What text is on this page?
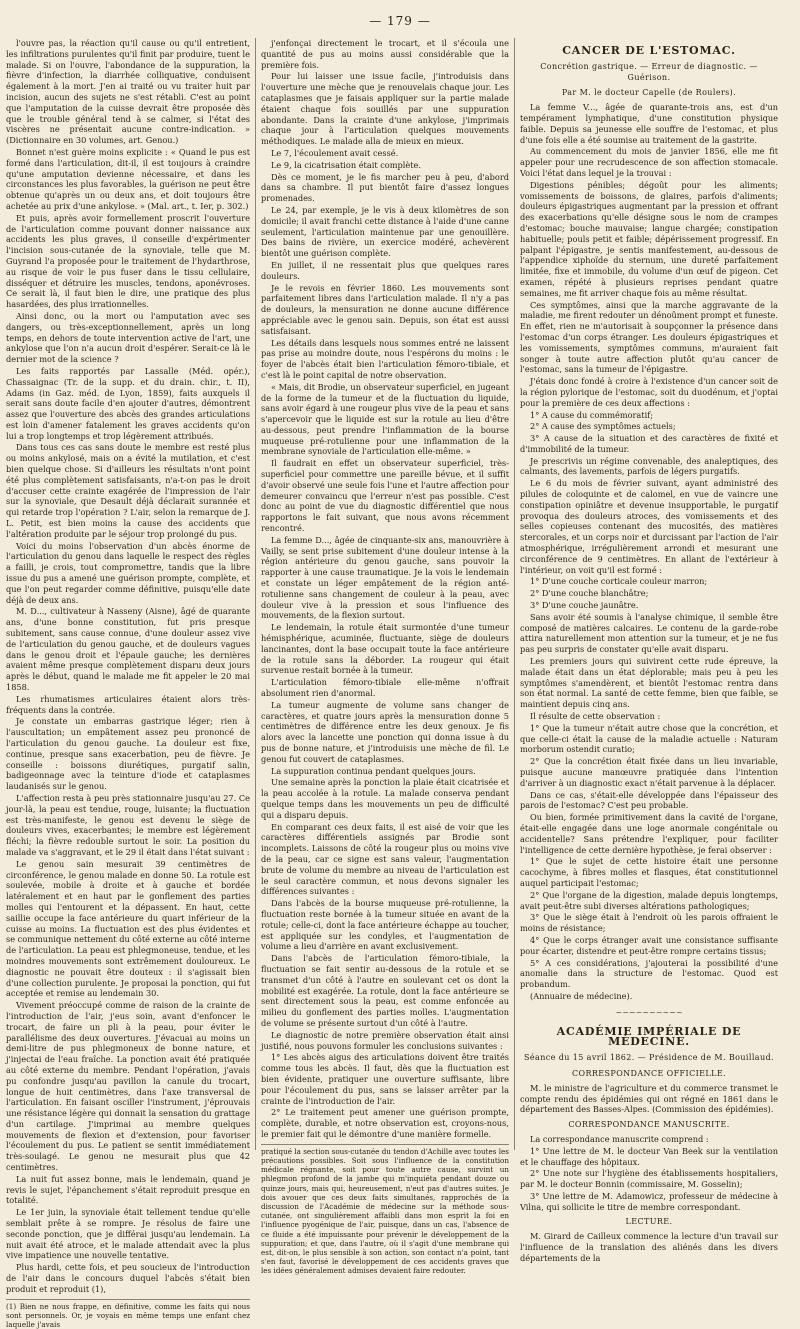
— 179 —

l'ouvre pas, la réaction qu'il cause ou qu'il entretient, les infiltrations purulentes qu'il finit par produire, tuent le malade. Si on l'ouvre, l'abondance de la suppuration, la fièvre d'infection, la diarrhée colliquative, conduisent également à la mort. J'en ai traité ou vu traiter huit par incision, aucun des sujets ne s'est rétabli. C'est au point que l'amputation de la cuisse devrait être proposée dès que le trouble général tend à se calmer, si l'état des viscères ne présentait aucune contre-indication. » (Dictionnaire en 30 volumes, art. Genou.)

Bonnet n'est guère moins explicite : « Quand le pus est formé dans l'articulation, dit-il, il est toujours à craindre qu'une amputation devienne nécessaire, et dans les circonstances les plus favorables, la guérison ne peut être obtenue qu'après un ou deux ans, et doit toujours être achetée au prix d'une ankylose. » (Mal. art., t. Ier, p. 302.)

Et puis, après avoir formellement proscrit l'ouverture de l'articulation comme pouvant donner naissance aux accidents les plus graves, il conseille d'expérimenter l'incision sous-cutanée de la synoviale, telle que M. Guyrand l'a proposée pour le traitement de l'hydarthrose, au risque de voir le pus fuser dans le tissu cellulaire, disséquer et détruire les muscles, tendons, aponévroses. Ce serait là, il faut bien le dire, une pratique des plus hasardées, des plus irrationnelles.

Ainsi donc, ou la mort ou l'amputation avec ses dangers, ou très-exceptionnellement, après un long temps, en dehors de toute intervention active de l'art, une ankylose que l'on n'a aucun droit d'espérer. Serait-ce là le dernier mot de la science ?

Les faits rapportés par Lassalle (Méd. opér.), Chassaignac (Tr. de la supp. et du drain. chir., t. II), Adams (in Gaz. méd. de Lyon, 1859), faits auxquels il serait sans doute facile d'en ajouter d'autres, démontrent assez que l'ouverture des abcès des grandes articulations est loin d'amener fatalement les graves accidents qu'on lui a trop longtemps et trop légèrement attribués.

Dans tous ces cas sans doute le membre est resté plus ou moins ankylosé, mais on a évité la mutilation, et c'est bien quelque chose. Si d'ailleurs les résultats n'ont point été plus complètement satisfaisants, n'a-t-on pas le droit d'accuser cette crainte exagérée de l'impression de l'air sur la synoviale, que Desault déjà déclarait surannée et qui retarde trop l'opération ? L'air, selon la remarque de J. L. Petit, est bien moins la cause des accidents que l'altération produite par le séjour trop prolongé du pus.

Voici du moins l'observation d'un abcès énorme de l'articulation du genou dans laquelle le respect des règles a failli, je crois, tout compromettre, tandis que la libre issue du pus a amené une guérison prompte, complète, et que l'on peut regarder comme définitive, puisqu'elle date déjà de deux ans.

M. D..., cultivateur à Nasseny (Aisne), âgé de quarante ans, d'une bonne constitution, fut pris presque subitement, sans cause connue, d'une douleur assez vive de l'articulation du genou gauche, et de douleurs vagues dans le genou droit et l'épaule gauche; les dernières avaient même presque complètement disparu deux jours après le début, quand le malade me fit appeler le 20 mai 1858.

Les rhumatismes articulaires étaient alors très-fréquents dans la contrée.

Je constate un embarras gastrique léger; rien à l'auscultation; un empâtement assez peu prononcé de l'articulation du genou gauche. La douleur est fixe, continue, presque sans exacerbation, peu de fièvre. Je conseille : boissons diurétiques, purgatif salin, badigeonnage avec la teinture d'iode et cataplasmes laudanisés sur le genou.

L'affection resta à peu près stationnaire jusqu'au 27. Ce jour-là, la peau est tendue, rouge, luisante; la fluctuation est très-manifeste, le genou est devenu le siège de douleurs vives, exacerbantes; le membre est légèrement fléchi; la fièvre redouble surtout le soir. La position du malade va s'aggravant, et le 29 il était dans l'état suivant :

Le genou sain mesurait 39 centimètres de circonférence, le genou malade en donne 50. La rotule est soulevée, mobile à droite et à gauche et bordée latéralement et en haut par le gonflement des parties molles qui l'entourent et la dépassent. En haut, cette saillie occupe la face antérieure du quart inférieur de la cuisse au moins. La fluctuation est des plus évidentes et se communique nettement du côté externe au côté interne de l'articulation. La peau est phlegmoneuse, tendue, et les moindres mouvements sont extrêmement douloureux. Le diagnostic ne pouvait être douteux : il s'agissait bien d'une collection purulente. Je proposai la ponction, qui fut acceptée et remise au lendemain 30.

Vivement préoccupé comme de raison de la crainte de l'introduction de l'air, j'eus soin, avant d'enfoncer le trocart, de faire un pli à la peau, pour éviter le parallélisme des deux ouvertures. J'évacuai au moins un demi-litre de pus phlegmoneux de bonne nature, et j'injectai de l'eau fraîche. La ponction avait été pratiquée au côté externe du membre. Pendant l'opération, j'avais pu confondre jusqu'au pavillon la canule du trocart, longue de huit centimètres, dans l'axe transversal de l'articulation. En faisant osciller l'instrument, j'éprouvais une résistance légère qui donnait la sensation du grattage d'un cartilage. J'imprimai au membre quelques mouvements de flexion et d'extension, pour favoriser l'écoulement du pus. Le patient se sentit immédiatement très-soulagé. Le genou ne mesurait plus que 42 centimètres.

La nuit fut assez bonne, mais le lendemain, quand je revis le sujet, l'épanchement s'était reproduit presque en totalité.

Le 1er juin, la synoviale était tellement tendue qu'elle semblait prête à se rompre. Je résolus de faire une seconde ponction, que je différai jusqu'au lendemain. La nuit avait été atroce, et le malade attendait avec la plus vive impatience une nouvelle tentative.

Plus hardi, cette fois, et peu soucieux de l'introduction de l'air dans le concours duquel l'abcès s'était bien produit et reproduit (1),

(1) Bien ne nous frappe, en définitive, comme les faits qui nous sont personnels. Or, je voyais en même temps une enfant chez laquelle j'avais

j'enfonçai directement le trocart, et il s'écoula une quantité de pus au moins aussi considérable que la première fois.

Pour lui laisser une issue facile, j'introduisis dans l'ouverture une mèche que je renouvelais chaque jour. Les cataplasmes que je faisais appliquer sur la partie malade étaient chaque fois souillés par une suppuration abondante. Dans la crainte d'une ankylose, j'imprimais chaque jour à l'articulation quelques mouvements méthodiques. Le malade alla de mieux en mieux.

Le 7, l'écoulement avait cessé.

Le 9, la cicatrisation était complète.

Dès ce moment, je le fis marcher peu à peu, d'abord dans sa chambre. Il put bientôt faire d'assez longues promenades.

Le 24, par exemple, je le vis à deux kilomètres de son domicile; il avait franchi cette distance à l'aide d'une canne seulement, l'articulation maintenue par une genouillère. Des bains de rivière, un exercice modéré, achevèrent bientôt une guérison complète.

En juillet, il ne ressentait plus que quelques rares douleurs.

Je le revois en février 1860. Les mouvements sont parfaitement libres dans l'articulation malade. Il n'y a pas de douleurs, la mensuration ne donne aucune différence appréciable avec le genou sain. Depuis, son état est aussi satisfaisant.

Les détails dans lesquels nous sommes entré ne laissent pas prise au moindre doute, nous l'espérons du moins : le foyer de l'abcès était bien l'articulation fémoro-tibiale, et c'est là le point capital de notre observation.

« Mais, dit Brodie, un observateur superficiel, en jugeant de la forme de la tumeur et de la fluctuation du liquide, sans avoir égard à une rougeur plus vive de la peau et sans s'apercevoir que le liquide est sur la rotule au lieu d'être au-dessous, peut prendre l'inflammation de la bourse muqueuse pré-rotulienne pour une inflammation de la membrane synoviale de l'articulation elle-même. »

Il faudrait en effet un observateur superficiel, très-superficiel pour commettre une pareille bévue, et il suffit d'avoir observé une seule fois l'une et l'autre affection pour demeurer convaincu que l'erreur n'est pas possible. C'est donc au point de vue du diagnostic différentiel que nous rapportons le fait suivant, que nous avons récemment rencontré.

La femme D..., âgée de cinquante-six ans, manouvrière à Vailly, se sent prise subitement d'une douleur intense à la région antérieure du genou gauche, sans pouvoir la rapporter à une cause traumatique. Je la vois le lendemain et constate un léger empâtement de la région anté-rotulienne sans changement de couleur à la peau, avec douleur vive à la pression et sous l'influence des mouvements, de la flexion surtout.

Le lendemain, la rotule était surmontée d'une tumeur hémisphérique, acuminée, fluctuante, siège de douleurs lancinantes, dont la base occupait toute la face antérieure de la rotule sans la déborder. La rougeur qui était survenue restait bornée à la tumeur.

L'articulation fémoro-tibiale elle-même n'offrait absolument rien d'anormal.

La tumeur augmente de volume sans changer de caractères, et quatre jours après la mensuration donne 5 centimètres de différence entre les deux genoux. Je fis alors avec la lancette une ponction qui donna issue à du pus de bonne nature, et j'introduisis une mèche de fil. Le genou fut couvert de cataplasmes.

La suppuration continua pendant quelques jours.

Une semaine après la ponction la plaie était cicatrisée et la peau accolée à la rotule. La malade conserva pendant quelque temps dans les mouvements un peu de difficulté qui a disparu depuis.

En comparant ces deux faits, il est aisé de voir que les caractères différentiels assignés par Brodie sont incomplets. Laissons de côté la rougeur plus ou moins vive de la peau, car ce signe est sans valeur, l'augmentation brute de volume du membre au niveau de l'articulation est le seul caractère commun, et nous devons signaler les différences suivantes :

Dans l'abcès de la bourse muqueuse pré-rotulienne, la fluctuation reste bornée à la tumeur située en avant de la rotule; celle-ci, dont la face antérieure échappe au toucher, est appliquée sur les condyles, et l'augmentation de volume a lieu d'arrière en avant exclusivement.

Dans l'abcès de l'articulation fémoro-tibiale, la fluctuation se fait sentir au-dessous de la rotule et se transmet d'un côté à l'autre en soulevant cet os dont la mobilité est exagérée. La rotule, dont la face antérieure se sent directement sous la peau, est comme enfoncée au milieu du gonflement des parties molles. L'augmentation de volume se présente surtout d'un côté à l'autre.

Le diagnostic de notre première observation était ainsi justifié, nous pouvons formuler les conclusions suivantes :

1° Les abcès aigus des articulations doivent être traités comme tous les abcès. Il faut, dès que la fluctuation est bien évidente, pratiquer une ouverture suffisante, libre pour l'écoulement du pus, sans se laisser arrêter par la crainte de l'introduction de l'air.

2° Le traitement peut amener une guérison prompte, complète, durable, et notre observation est, croyons-nous, le premier fait qui le démontre d'une manière formelle.

pratiqué la section sous-cutanée du tendon d'Achille avec toutes les précautions possibles. Soit sous l'influence de la constitution médicale régnante, soit pour toute autre cause, survint un phlegmon profond de la jambe qui m'inquiéta pendant douze ou quinze jours, mais qui, heureusement, n'eut pas d'autres suites. Je dois avouer que ces deux faits simultanés, rapprochés de la discussion de l'Académie de médecine sur la méthode sous-cutanée, ont singulièrement affaibli dans mon esprit la foi en l'influence pyogénique de l'air, puisque, dans un cas, l'absence de ce fluide a été impuissante pour prévenir le développement de la suppuration; et que, dans l'autre, où il s'agit d'une membrane qui est, dit-on, le plus sensible à son action, son contact n'a point, tant s'en faut, favorisé le développement de ces accidents graves que les idées généralement admises devaient faire redouter.
CANCER DE L'ESTOMAC.
Concrétion gastrique. — Erreur de diagnostic. — Guérison.
Par M. le docteur Capelle (de Roulers).

La femme V..., âgée de quarante-trois ans, est d'un tempérament lymphatique, d'une constitution physique faible. Depuis sa jeunesse elle souffre de l'estomac, et plus d'une fois elle a été soumise au traitement de la gastrite.

Au commencement du mois de janvier 1856, elle me fit appeler pour une recrudescence de son affection stomacale. Voici l'état dans lequel je la trouvai :

Digestions pénibles; dégoût pour les aliments; vomissements de boissons, de glaires, parfois d'aliments; douleurs épigastriques augmentant par la pression et offrant des exacerbations qu'elle désigne sous le nom de crampes d'estomac; bouche mauvaise; langue chargée; constipation habituelle; pouls petit et faible; dépérissement progressif. En palpant l'épigastre, je sentis manifestement, au-dessous de l'appendice xiphoïde du sternum, une dureté parfaitement limitée, fixe et immobile, du volume d'un œuf de pigeon. Cet examen, répété à plusieurs reprises pendant quatre semaines, me fit arriver chaque fois au même résultat.

Ces symptômes, ainsi que la marche aggravante de la maladie, me firent redouter un dénoûment prompt et funeste. En effet, rien ne m'autorisait à soupçonner la présence dans l'estomac d'un corps étranger. Les douleurs épigastriques et les vomissements, symptômes communs, m'auraient fait songer à toute autre affection plutôt qu'au cancer de l'estomac, sans la tumeur de l'épigastre.

J'étais donc fondé à croire à l'existence d'un cancer soit de la région pylorique de l'estomac, soit du duodénum, et j'optai pour la première de ces deux affections :

1° A cause du commémoratif;

2° A cause des symptômes actuels;

3° A cause de la situation et des caractères de fixité et d'immobilité de la tumeur.

Je prescrivis un régime convenable, des analeptiques, des calmants, des lavements, parfois de légers purgatifs.

Le 6 du mois de février suivant, ayant administré des pilules de coloquinte et de calomel, en vue de vaincre une constipation opiniâtre et devenue insupportable, le purgatif provoqua des douleurs atroces, des vomissements et des selles copieuses contenant des mucosités, des matières stercorales, et un corps noir et durcissant par l'action de l'air atmosphérique, irrégulièrement arrondi et mesurant une circonférence de 9 centimètres. En allant de l'extérieur à l'intérieur, on voit qu'il est formé :

1° D'une couche corticale couleur marron;

2° D'une couche blanchâtre;

3° D'une couche jaunâtre.

Sans avoir été soumis à l'analyse chimique, il semble être composé de matières calcaires. Le contenu de la garde-robe attira naturellement mon attention sur la tumeur, et je ne fus pas peu surpris de constater qu'elle avait disparu.

Les premiers jours qui suivirent cette rude épreuve, la malade était dans un état déplorable; mais peu à peu les symptômes s'amendèrent, et bientôt l'estomac rentra dans son état normal. La santé de cette femme, bien que faible, se maintient depuis cinq ans.

Il résulte de cette observation :

1° Que la tumeur n'était autre chose que la concrétion, et que celle-ci était la cause de la maladie actuelle : Naturam morborum ostendit curatio;

2° Que la concrétion était fixée dans un lieu invariable, puisque aucune manœuvre pratiquée dans l'intention d'arriver à un diagnostic exact n'était parvenue à la déplacer.

Dans ce cas, s'était-elle développée dans l'épaisseur des parois de l'estomac? C'est peu probable.

Ou bien, formée primitivement dans la cavité de l'organe, était-elle engagée dans une loge anormale congénitale ou accidentelle? Sans prétendre l'expliquer, pour faciliter l'intelligence de cette dernière hypothèse, je ferai observer :

1° Que le sujet de cette histoire était une personne cacochyme, à fibres molles et flasques, état constitutionnel auquel participait l'estomac;

2° Que l'organe de la digestion, malade depuis longtemps, avait peut-être subi diverses altérations pathologiques;

3° Que le siège était à l'endroit où les parois offraient le moins de résistance;

4° Que le corps étranger avait une consistance suffisante pour écarter, distendre et peut-être rompre certains tissus;

5° A ces considérations, j'ajouterai la possibilité d'une anomalie dans la structure de l'estomac. Quod est probandum.

(Annuaire de médecine).

~~~~~~~~~~
ACADÉMIE IMPÉRIALE DE MÉDECINE.
Séance du 15 avril 1862. — Présidence de M. Bouillaud.
CORRESPONDANCE OFFICIELLE.

M. le ministre de l'agriculture et du commerce transmet le compte rendu des épidémies qui ont régné en 1861 dans le département des Basses-Alpes. (Commission des épidémies).

CORRESPONDANCE MANUSCRITE.

La correspondance manuscrite comprend :

1° Une lettre de M. le docteur Van Beek sur la ventilation et le chauffage des hôpitaux.

2° Une note sur l'hygiène des établissements hospitaliers, par M. le docteur Bonnin (commissaire, M. Gosselin);

3° Une lettre de M. Adamowicz, professeur de médecine à Vilna, qui sollicite le titre de membre correspondant.

LECTURE.

M. Girard de Cailleux commence la lecture d'un travail sur l'influence de la translation des aliénés dans les divers départements de la
